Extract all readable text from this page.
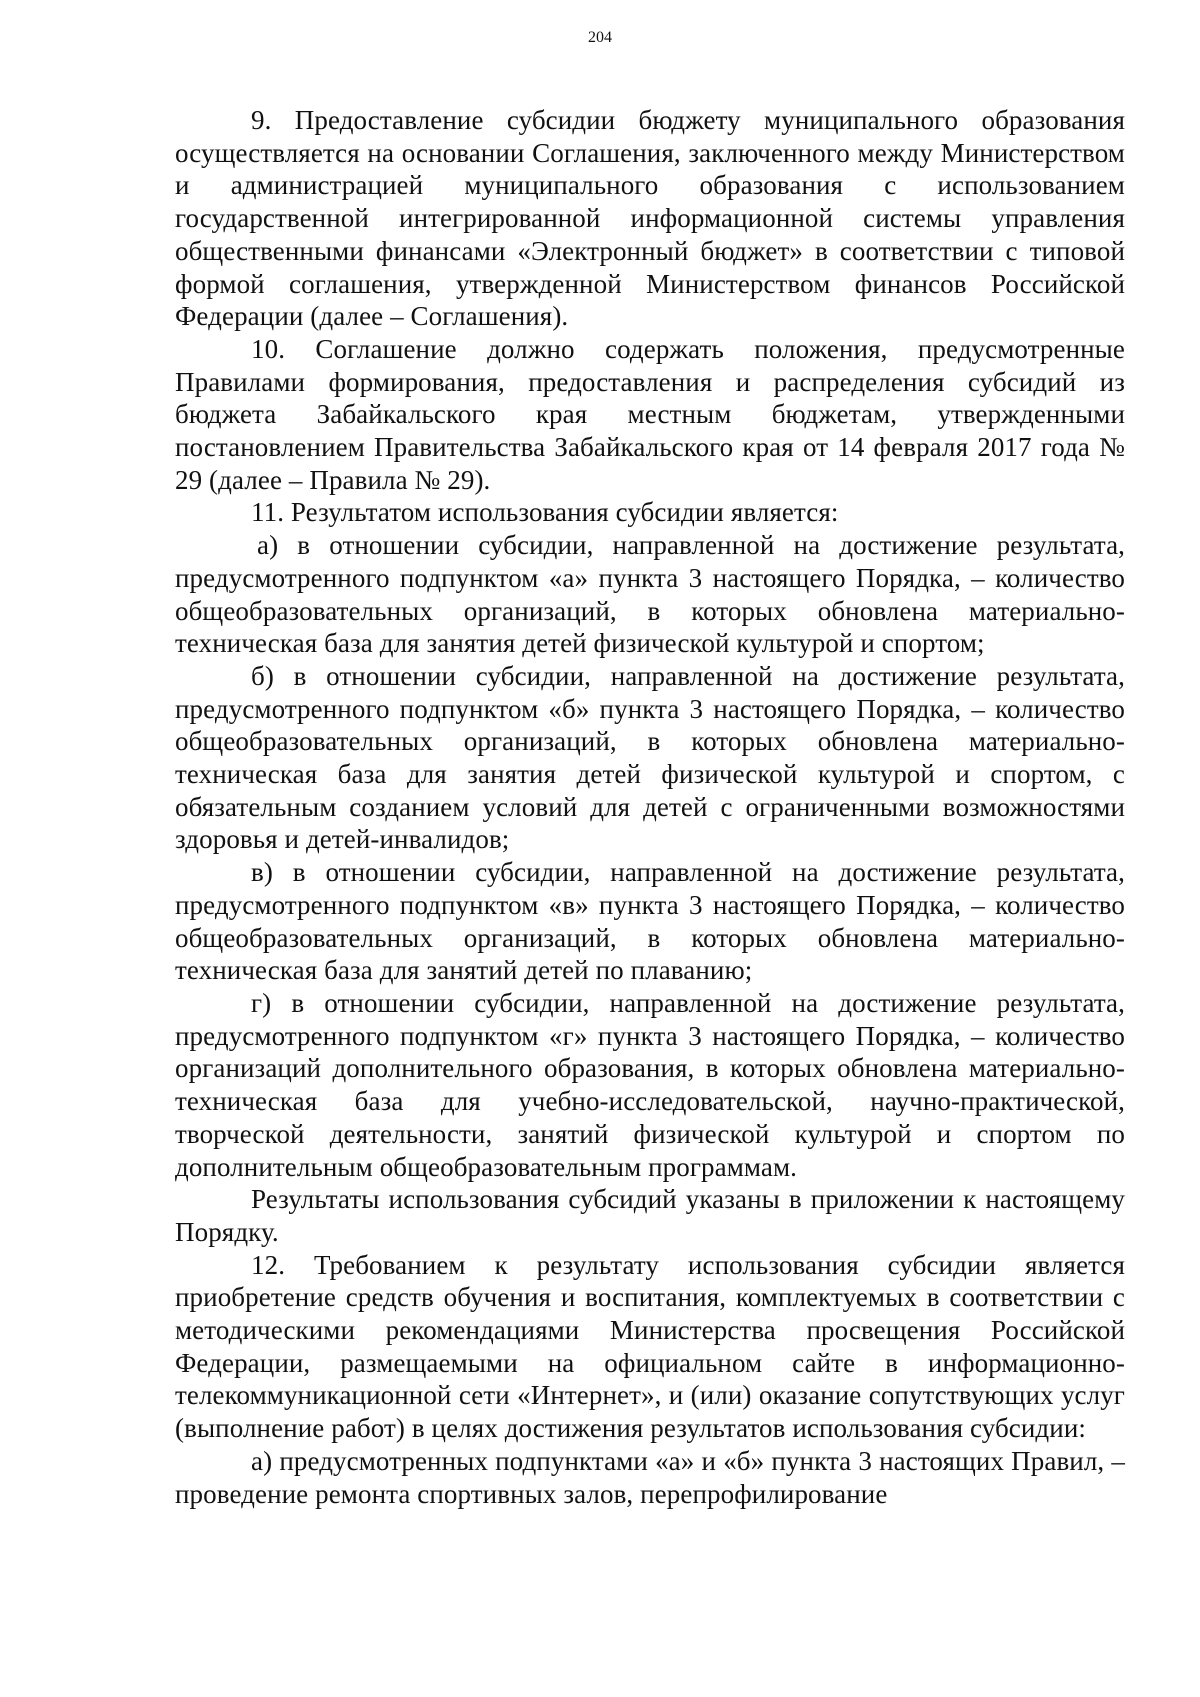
204

9. Предоставление субсидии бюджету муниципального образования осуществляется на основании Соглашения, заключенного между Министерством и администрацией муниципального образования с использованием государственной интегрированной информационной системы управления общественными финансами «Электронный бюджет» в соответствии с типовой формой соглашения, утвержденной Министерством финансов Российской Федерации (далее – Соглашения).

10. Соглашение должно содержать положения, предусмотренные Правилами формирования, предоставления и распределения субсидий из бюджета Забайкальского края местным бюджетам, утвержденными постановлением Правительства Забайкальского края от 14 февраля 2017 года № 29 (далее – Правила № 29).

11. Результатом использования субсидии является:

а) в отношении субсидии, направленной на достижение результата, предусмотренного подпунктом «а» пункта 3 настоящего Порядка, – количество общеобразовательных организаций, в которых обновлена материально-техническая база для занятия детей физической культурой и спортом;

б) в отношении субсидии, направленной на достижение результата, предусмотренного подпунктом «б» пункта 3 настоящего Порядка, – количество общеобразовательных организаций, в которых обновлена материально-техническая база для занятия детей физической культурой и спортом, с обязательным созданием условий для детей с ограниченными возможностями здоровья и детей-инвалидов;

в) в отношении субсидии, направленной на достижение результата, предусмотренного подпунктом «в» пункта 3 настоящего Порядка, – количество общеобразовательных организаций, в которых обновлена материально-техническая база для занятий детей по плаванию;

г) в отношении субсидии, направленной на достижение результата, предусмотренного подпунктом «г» пункта 3 настоящего Порядка, – количество организаций дополнительного образования, в которых обновлена материально-техническая база для учебно-исследовательской, научно-практической, творческой деятельности, занятий физической культурой и спортом по дополнительным общеобразовательным программам.

Результаты использования субсидий указаны в приложении к настоящему Порядку.

12. Требованием к результату использования субсидии является приобретение средств обучения и воспитания, комплектуемых в соответствии с методическими рекомендациями Министерства просвещения Российской Федерации, размещаемыми на официальном сайте в информационно-телекоммуникационной сети «Интернет», и (или) оказание сопутствующих услуг (выполнение работ) в целях достижения результатов использования субсидии:

а) предусмотренных подпунктами «а» и «б» пункта 3 настоящих Правил, – проведение ремонта спортивных залов, перепрофилирование
